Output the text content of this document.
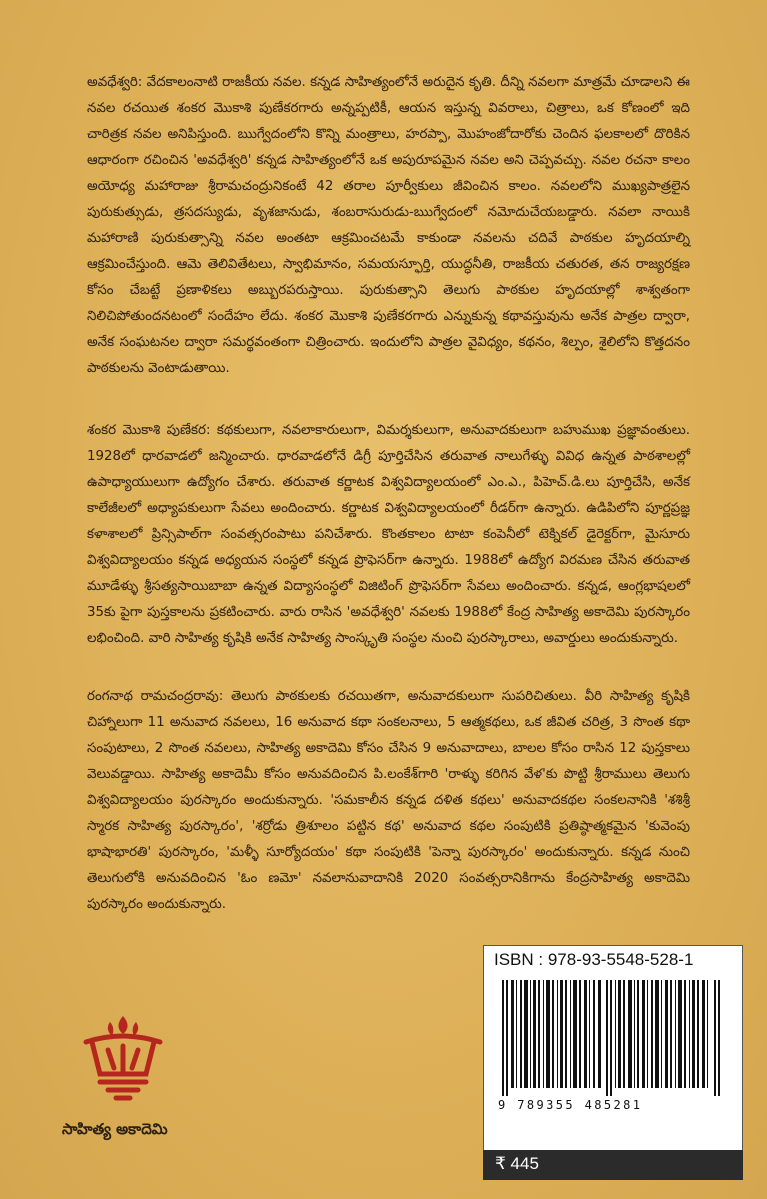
అవధేశ్వరి: వేదకాలంనాటి రాజకీయ నవల. కన్నడ సాహిత్యంలోనే అరుదైన కృతి. దీన్ని నవలగా మాత్రమే చూడాలని ఈ నవల రచయిత శంకర మొకాశి పుణేకరగారు అన్నప్పటికీ, ఆయన ఇస్తున్న వివరాలు, చిత్రాలు, ఒక కోణంలో ఇది చారిత్రక నవల అనిపిస్తుంది. ఋగ్వేదంలోని కొన్ని మంత్రాలు, హరప్పా, మొహంజోదారోకు చెందిన ఫలకాలలో దొరికిన ఆధారంగా రచించిన 'అవధేశ్వరి' కన్నడ సాహిత్యంలోనే ఒక అపురూపమైన నవల అని చెప్పవచ్చు. నవల రచనా కాలం అయోధ్య మహారాజు శ్రీరామచంద్రునికంటే 42 తరాల పూర్వీకులు జీవించిన కాలం. నవలలోని ముఖ్యపాత్రలైన పురుకుత్సుడు, త్రసదస్యుడు, వృశజానుడు, శంబరాసురుడు-ఋగ్వేదంలో నమోదుచేయబడ్డారు. నవలా నాయికి మహారాణి పురుకుత్సాన్ని నవల అంతటా ఆక్రమించటమే కాకుండా నవలను చదివే పాఠకుల హృదయాల్ని ఆక్రమించేస్తుంది. ఆమె తెలివితేటలు, స్వాభిమానం, సమయస్ఫూర్తి, యుద్ధనీతి, రాజకీయ చతురత, తన రాజ్యరక్షణ కోసం చేబట్టే ప్రణాళికలు అబ్బురపరుస్తాయి. పురుకుత్సాని తెలుగు పాఠకుల హృదయాల్లో శాశ్వతంగా నిలిచిపోతుందనటంలో సందేహం లేదు. శంకర మొకాశి పుణేకరగారు ఎన్నుకున్న కథావస్తువును అనేక పాత్రల ద్వారా, అనేక సంఘటనల ద్వారా సమర్థవంతంగా చిత్రించారు. ఇందులోని పాత్రల వైవిధ్యం, కథనం, శిల్పం, శైలిలోని కొత్తదనం పాఠకులను వెంటాడుతాయి.

శంకర మొకాశి పుణేకర: కథకులుగా, నవలాకారులుగా, విమర్శకులుగా, అనువాదకులుగా బహుముఖ ప్రజ్ఞావంతులు. 1928లో ధారవాడలో జన్మించారు. ధారవాడలోనే డిగ్రీ పూర్తిచేసిన తరువాత నాలుగేళ్ళు వివిధ ఉన్నత పాఠశాలల్లో ఉపాధ్యాయులుగా ఉద్యోగం చేశారు. తరువాత కర్ణాటక విశ్వవిద్యాలయంలో ఎం.ఎ., పిహెచ్.డి.లు పూర్తిచేసి, అనేక కాలేజీలలో అధ్యాపకులుగా సేవలు అందించారు. కర్ణాటక విశ్వవిద్యాలయంలో రీడర్‌గా ఉన్నారు. ఉడిపిలోని పూర్ణప్రజ్ఞ కళాశాలలో ప్రిన్సిపాల్‌గా సంవత్సరంపాటు పనిచేశారు. కొంతకాలం టాటా కంపెనీలో టెక్నికల్ డైరెక్టర్‌గా, మైసూరు విశ్వవిద్యాలయం కన్నడ అధ్యయన సంస్థలో కన్నడ ప్రొఫెసర్‌గా ఉన్నారు. 1988లో ఉద్యోగ విరమణ చేసిన తరువాత మూడేళ్ళు శ్రీసత్యసాయిబాబా ఉన్నత విద్యాసంస్థలో విజిటింగ్ ప్రొఫెసర్‌గా సేవలు అందించారు. కన్నడ, ఆంగ్లభాషలలో 35కు పైగా పుస్తకాలను ప్రకటించారు. వారు రాసిన 'అవధేశ్వరి' నవలకు 1988లో కేంద్ర సాహిత్య అకాదెమి పురస్కారం లభించింది. వారి సాహిత్య కృషికి అనేక సాహిత్య సాంస్కృతి సంస్థల నుంచి పురస్కారాలు, అవార్డులు అందుకున్నారు.

రంగనాథ రామచంద్రరావు: తెలుగు పాఠకులకు రచయితగా, అనువాదకులుగా సుపరిచితులు. వీరి సాహిత్య కృషికి చిహ్నాలుగా 11 అనువాద నవలలు, 16 అనువాద కథా సంకలనాలు, 5 ఆత్మకథలు, ఒక జీవిత చరిత్ర, 3 సొంత కథా సంపుటాలు, 2 సొంత నవలలు, సాహిత్య అకాదెమి కోసం చేసిన 9 అనువాదాలు, బాలల కోసం రాసిన 12 పుస్తకాలు వెలువడ్డాయి. సాహిత్య అకాదెమీ కోసం అనువదించిన పి.లంకేశ్‌గారి 'రాళ్ళు కరిగిన వేళ'కు పొట్టి శ్రీరాములు తెలుగు విశ్వవిద్యాలయం పురస్కారం అందుకున్నారు. 'సమకాలీన కన్నడ దళిత కథలు' అనువాదకథల సంకలనానికి 'శశిశ్రీ స్మారక సాహిత్య పురస్కారం', 'శర్రోడు త్రిశూలం పట్టిన కథ' అనువాద కథల సంపుటికి ప్రతిష్ఠాత్మకమైన 'కువెంపు భాషాభారతి' పురస్కారం, 'మళ్ళీ సూర్యోదయం' కథా సంపుటికి 'పెన్నా పురస్కారం' అందుకున్నారు. కన్నడ నుంచి తెలుగులోకి అనువదించిన 'ఓం ణమో' నవలానువాదానికి 2020 సంవత్సరానికిగాను కేంద్రసాహిత్య అకాదెమి పురస్కారం అందుకున్నారు.

సాహిత్య అకాదెమి
ISBN : 978-93-5548-528-1
9 789355 485281
₹ 445
